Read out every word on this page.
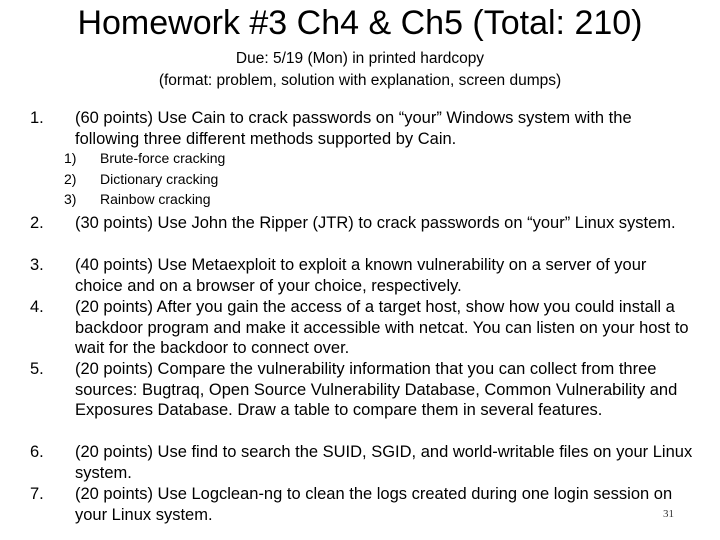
Homework #3 Ch4 & Ch5 (Total: 210)
Due: 5/19 (Mon) in printed hardcopy
(format: problem, solution with explanation, screen dumps)
1.	(60 points) Use Cain to crack passwords on “your” Windows system with the following three different methods supported by Cain.
1) Brute-force cracking
2) Dictionary cracking
3) Rainbow cracking
2.	(30 points) Use John the Ripper (JTR) to crack passwords on “your” Linux system.
3.	(40 points) Use Metaexploit to exploit a known vulnerability on a server of your choice and on a browser of your choice, respectively.
4.	(20 points) After you gain the access of a target host, show how you could install a backdoor program and make it accessible with netcat. You can listen on your host to wait for the backdoor to connect over.
5.	(20 points) Compare the vulnerability information that you can collect from three sources: Bugtraq, Open Source Vulnerability Database, Common Vulnerability and Exposures Database. Draw a table to compare them in several features.
6.	(20 points) Use find to search the SUID, SGID, and world-writable files on your Linux system.
7.	(20 points) Use Logclean-ng to clean the logs created during one login session on your Linux system.	31
